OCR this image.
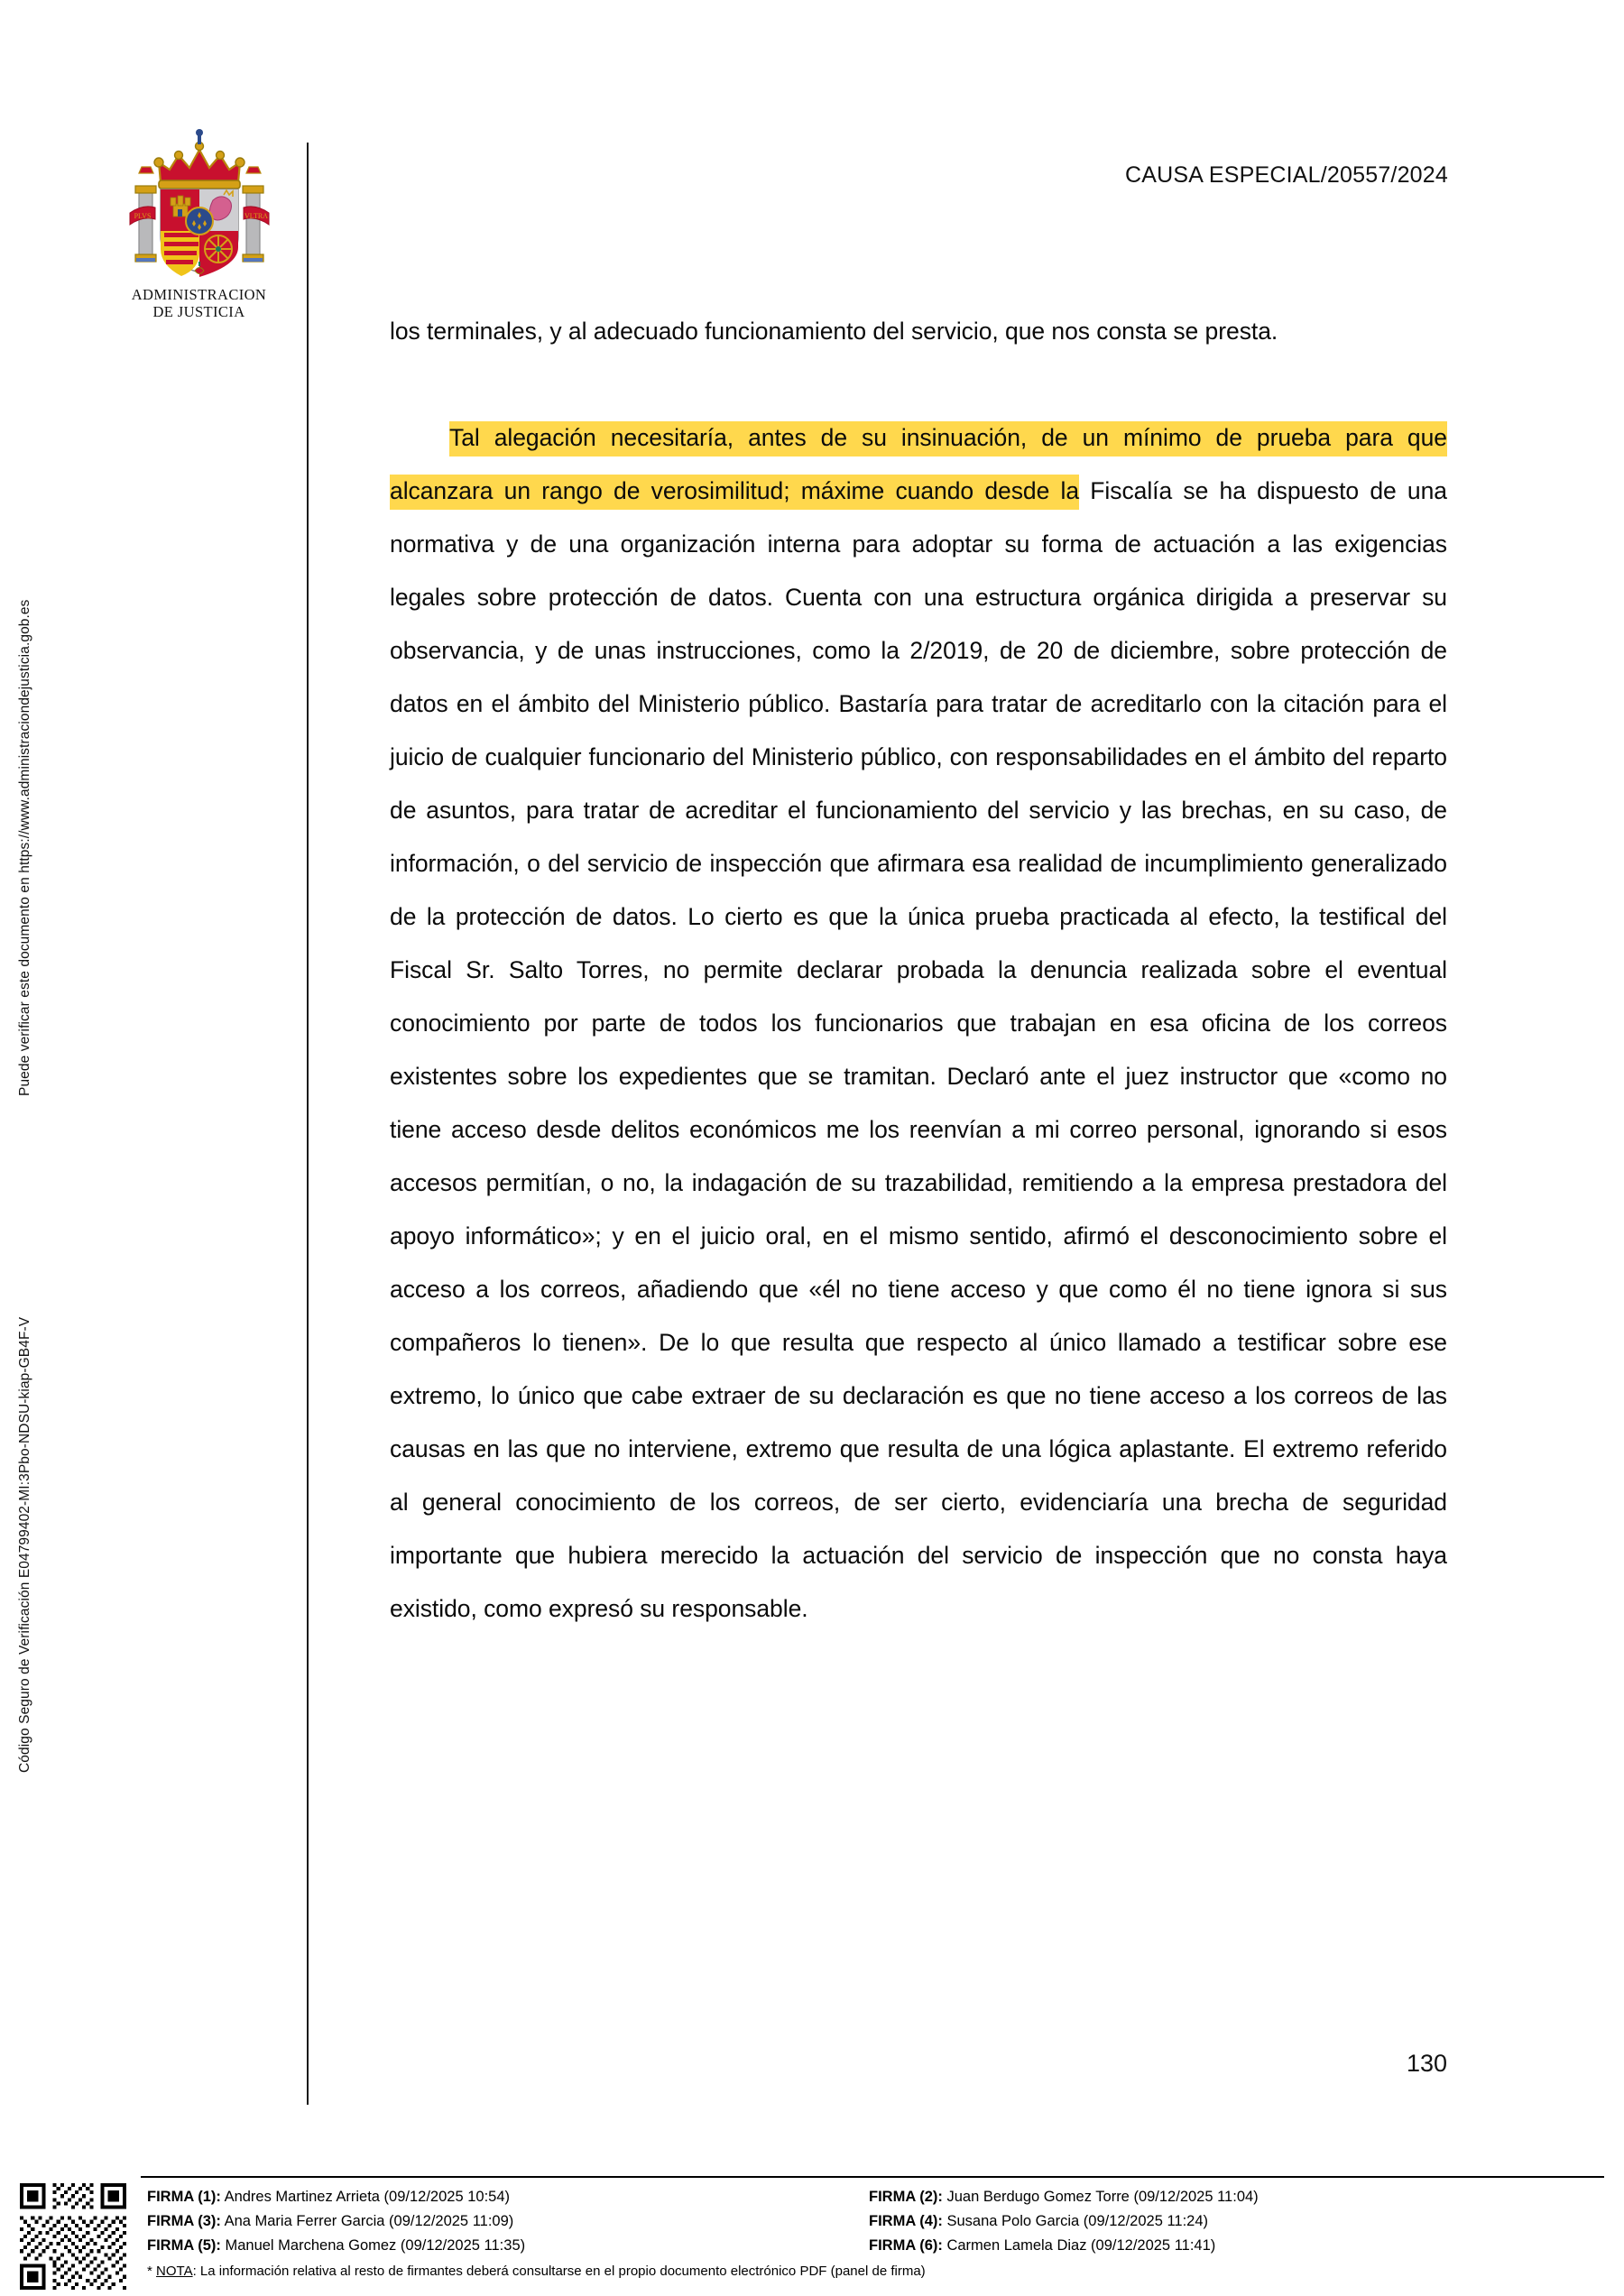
Puede verificar este documento en https://www.administraciondejusticia.gob.es
Código Seguro de Verificación E04799402-MI:3Pbo-NDSU-kiap-GB4F-V
PLVS	VLTRA
ADMINISTRACION
DE JUSTICIA
CAUSA ESPECIAL/20557/2024

los terminales, y al adecuado funcionamiento del servicio, que nos consta se presta.

Tal alegación necesitaría, antes de su insinuación, de un mínimo de prueba para que alcanzara un rango de verosimilitud; máxime cuando desde la Fiscalía se ha dispuesto de una normativa y de una organización interna para adoptar su forma de actuación a las exigencias legales sobre protección de datos. Cuenta con una estructura orgánica dirigida a preservar su observancia, y de unas instrucciones, como la 2/2019, de 20 de diciembre, sobre protección de datos en el ámbito del Ministerio público. Bastaría para tratar de acreditarlo con la citación para el juicio de cualquier funcionario del Ministerio público, con responsabilidades en el ámbito del reparto de asuntos, para tratar de acreditar el funcionamiento del servicio y las brechas, en su caso, de información, o del servicio de inspección que afirmara esa realidad de incumplimiento generalizado de la protección de datos. Lo cierto es que la única prueba practicada al efecto, la testifical del Fiscal Sr. Salto Torres, no permite declarar probada la denuncia realizada sobre el eventual conocimiento por parte de todos los funcionarios que trabajan en esa oficina de los correos existentes sobre los expedientes que se tramitan. Declaró ante el juez instructor que «como no tiene acceso desde delitos económicos me los reenvían a mi correo personal, ignorando si esos accesos permitían, o no, la indagación de su trazabilidad, remitiendo a la empresa prestadora del apoyo informático»; y en el juicio oral, en el mismo sentido, afirmó el desconocimiento sobre el acceso a los correos, añadiendo que «él no tiene acceso y que como él no tiene ignora si sus compañeros lo tienen». De lo que resulta que respecto al único llamado a testificar sobre ese extremo, lo único que cabe extraer de su declaración es que no tiene acceso a los correos de las causas en las que no interviene, extremo que resulta de una lógica aplastante. El extremo referido al general conocimiento de los correos, de ser cierto, evidenciaría una brecha de seguridad importante que hubiera merecido la actuación del servicio de inspección que no consta haya existido, como expresó su responsable.

130
FIRMA (1): Andres Martinez Arrieta (09/12/2025 10:54)	FIRMA (2): Juan Berdugo Gomez Torre (09/12/2025 11:04)
FIRMA (3): Ana Maria Ferrer Garcia (09/12/2025 11:09)	FIRMA (4): Susana Polo Garcia (09/12/2025 11:24)
FIRMA (5): Manuel Marchena Gomez (09/12/2025 11:35)	FIRMA (6): Carmen Lamela Diaz (09/12/2025 11:41)
* NOTA: La información relativa al resto de firmantes deberá consultarse en el propio documento electrónico PDF (panel de firma)
